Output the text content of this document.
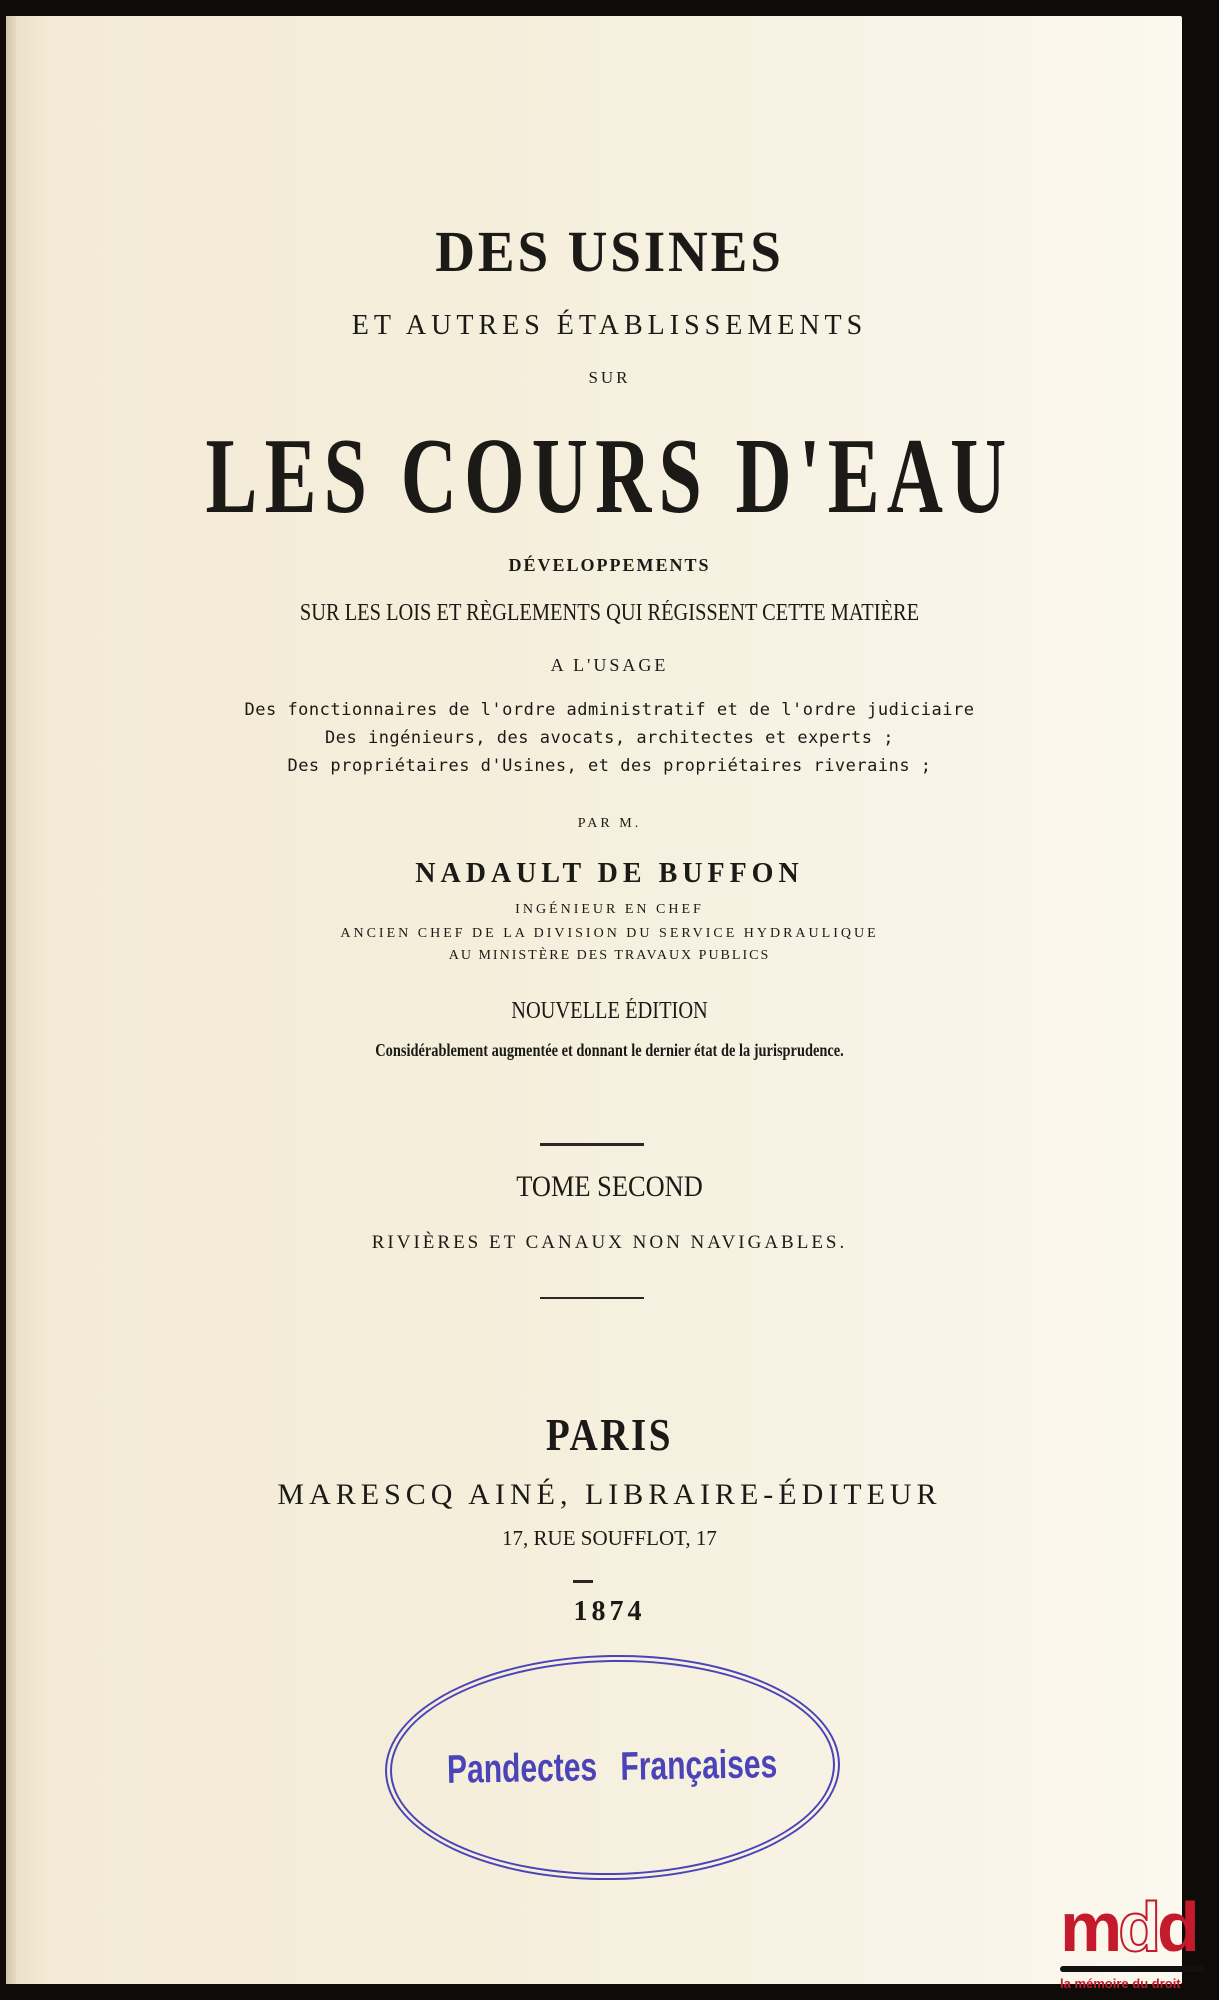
DES USINES
ET AUTRES ÉTABLISSEMENTS
SUR
LES COURS D'EAU
DÉVELOPPEMENTS
SUR LES LOIS ET RÈGLEMENTS QUI RÉGISSENT CETTE MATIÈRE
A L'USAGE
Des fonctionnaires de l'ordre administratif et de l'ordre judiciaire
Des ingénieurs, des avocats, architectes et experts ;
Des propriétaires d'Usines, et des propriétaires riverains ;
PAR M.
NADAULT DE BUFFON
INGÉNIEUR EN CHEF
ANCIEN CHEF DE LA DIVISION DU SERVICE HYDRAULIQUE
AU MINISTÈRE DES TRAVAUX PUBLICS
NOUVELLE ÉDITION
Considérablement augmentée et donnant le dernier état de la jurisprudence.
TOME SECOND
RIVIÈRES ET CANAUX NON NAVIGABLES.
PARIS
MARESCQ AINÉ, LIBRAIRE-ÉDITEUR
17, RUE SOUFFLOT, 17
1874
Pandectes Françaises
mdd
la mémoire du droit
